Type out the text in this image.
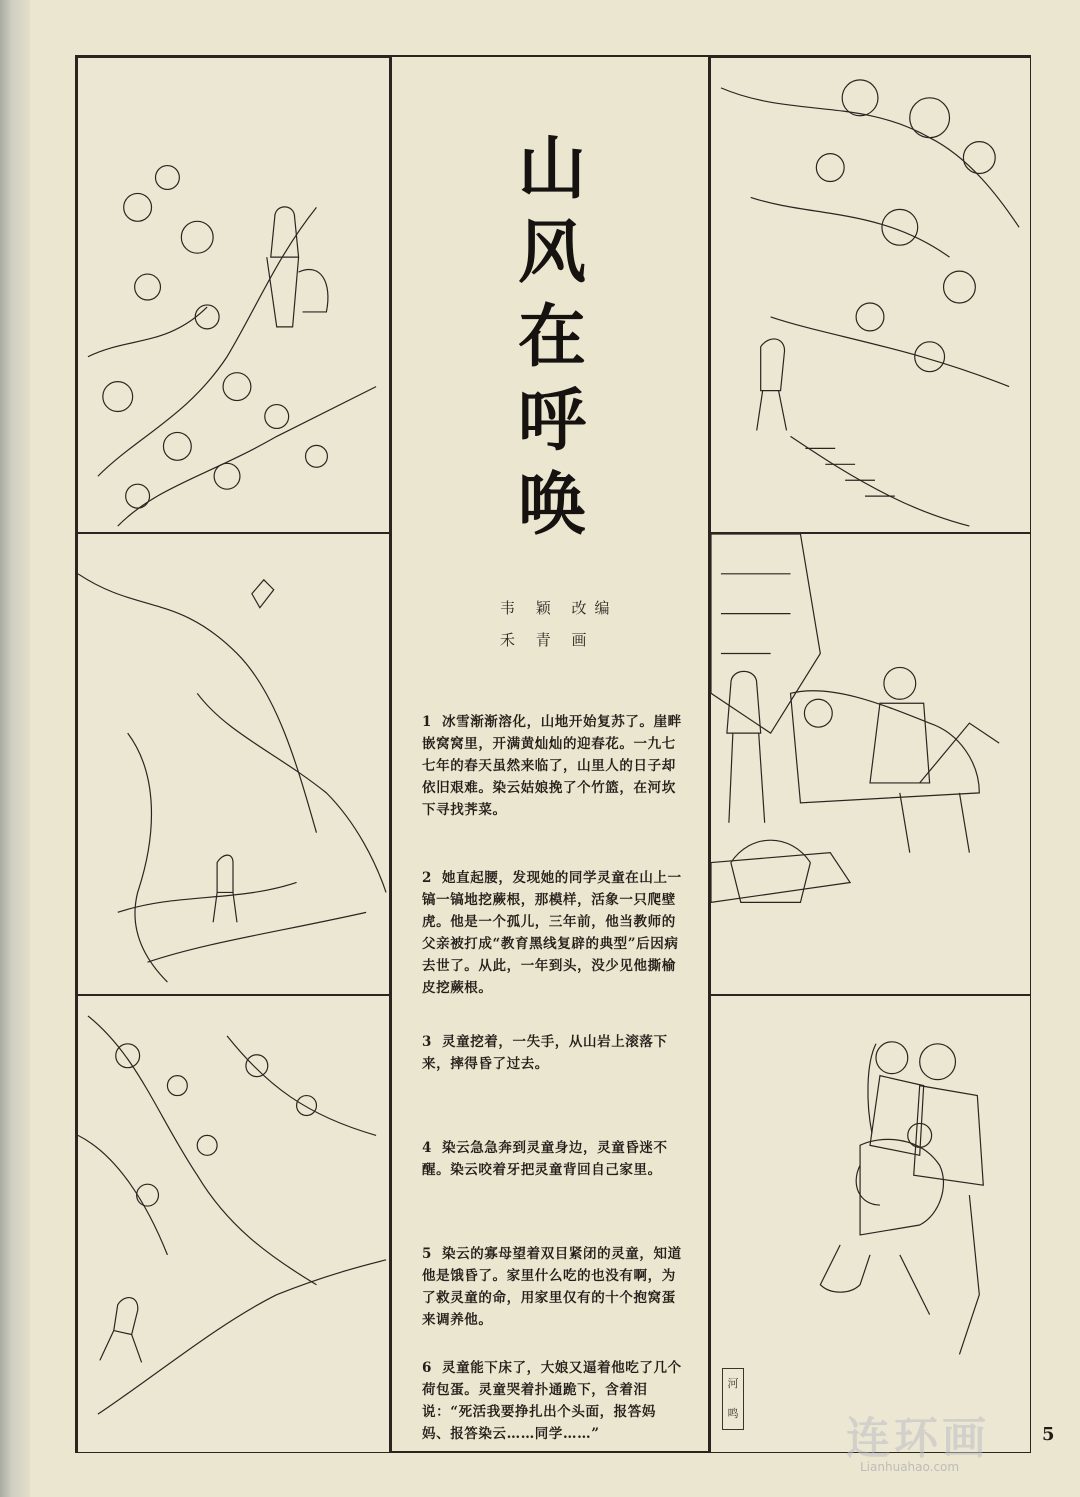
山
风
在
呼
唤
韦 颖 改编
禾 青 画
1 冰雪渐渐溶化，山地开始复苏了。崖畔嵌窝窝里，开满黄灿灿的迎春花。一九七七年的春天虽然来临了，山里人的日子却依旧艰难。染云姑娘挽了个竹篮，在河坎下寻找荠菜。
2 她直起腰，发现她的同学灵童在山上一镐一镐地挖蕨根，那模样，活象一只爬壁虎。他是一个孤儿，三年前，他当教师的父亲被打成“教育黑线复辟的典型”后因病去世了。从此，一年到头，没少见他撕榆皮挖蕨根。
3 灵童挖着，一失手，从山岩上滚落下来，摔得昏了过去。
4 染云急急奔到灵童身边，灵童昏迷不醒。染云咬着牙把灵童背回自己家里。
5 染云的寡母望着双目紧闭的灵童，知道他是饿昏了。家里什么吃的也没有啊，为了救灵童的命，用家里仅有的十个抱窝蛋来调养他。
6 灵童能下床了，大娘又逼着他吃了几个荷包蛋。灵童哭着扑通跪下，含着泪说：“死活我要挣扎出个头面，报答妈妈、报答染云……同学……”
河
鸣 连环画
Lianhuahao.com
5
